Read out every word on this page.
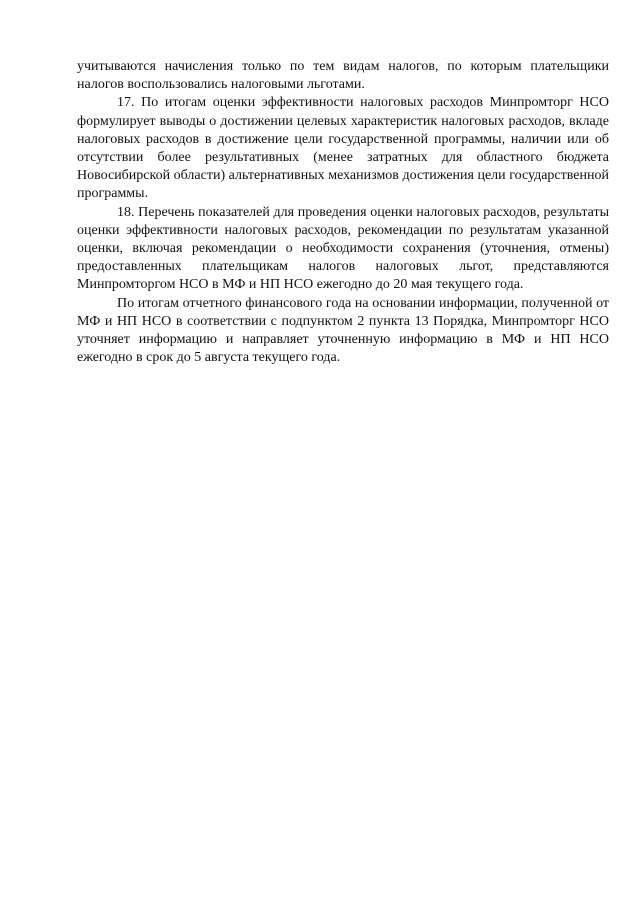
учитываются начисления только по тем видам налогов, по которым плательщики налогов воспользовались налоговыми льготами.

17. По итогам оценки эффективности налоговых расходов Минпромторг НСО формулирует выводы о достижении целевых характеристик налоговых расходов, вкладе налоговых расходов в достижение цели государственной программы, наличии или об отсутствии более результативных (менее затратных для областного бюджета Новосибирской области) альтернативных механизмов достижения цели государственной программы.

18. Перечень показателей для проведения оценки налоговых расходов, результаты оценки эффективности налоговых расходов, рекомендации по результатам указанной оценки, включая рекомендации о необходимости сохранения (уточнения, отмены) предоставленных плательщикам налогов налоговых льгот, представляются Минпромторгом НСО в МФ и НП НСО ежегодно до 20 мая текущего года.

По итогам отчетного финансового года на основании информации, полученной от МФ и НП НСО в соответствии с подпунктом 2 пункта 13 Порядка, Минпромторг НСО уточняет информацию и направляет уточненную информацию в МФ и НП НСО ежегодно в срок до 5 августа текущего года.
